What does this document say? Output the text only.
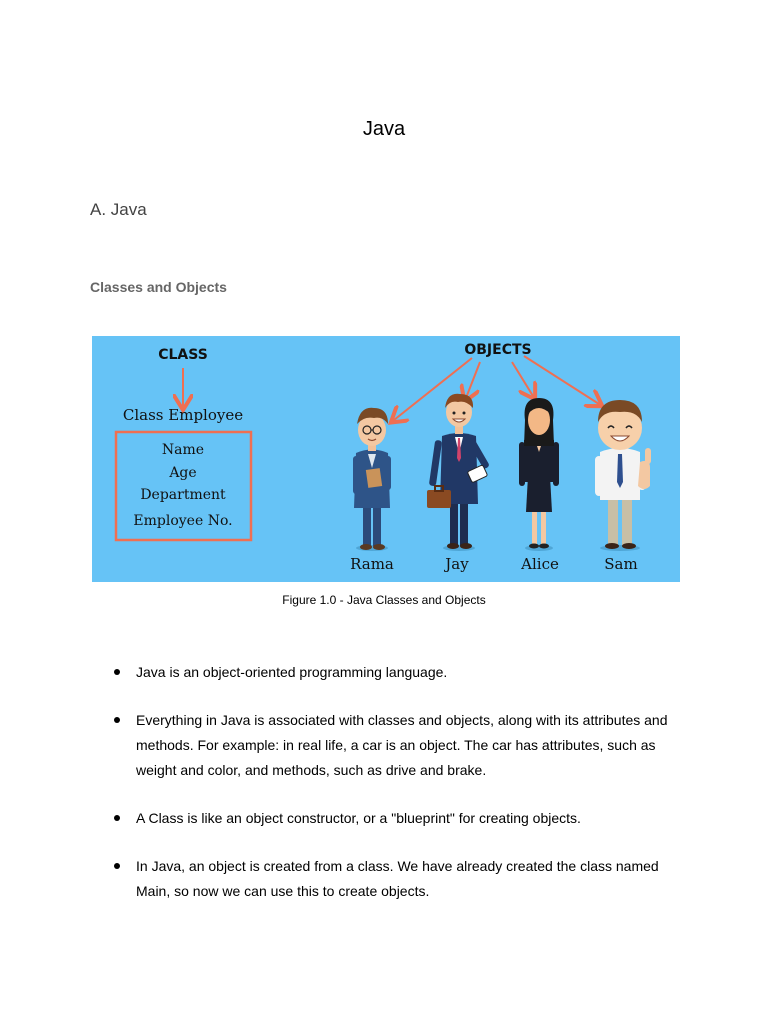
Java
A. Java
Classes and Objects
CLASS
Class Employee
Name
Age
Department
Employee No.
OBJECTS
Rama	Jay	Alice	Sam
Figure 1.0 - Java Classes and Objects
Java is an object-oriented programming language.
Everything in Java is associated with classes and objects, along with its attributes and methods. For example: in real life, a car is an object. The car has attributes, such as weight and color, and methods, such as drive and brake.
A Class is like an object constructor, or a "blueprint" for creating objects.
In Java, an object is created from a class. We have already created the class named Main, so now we can use this to create objects.
